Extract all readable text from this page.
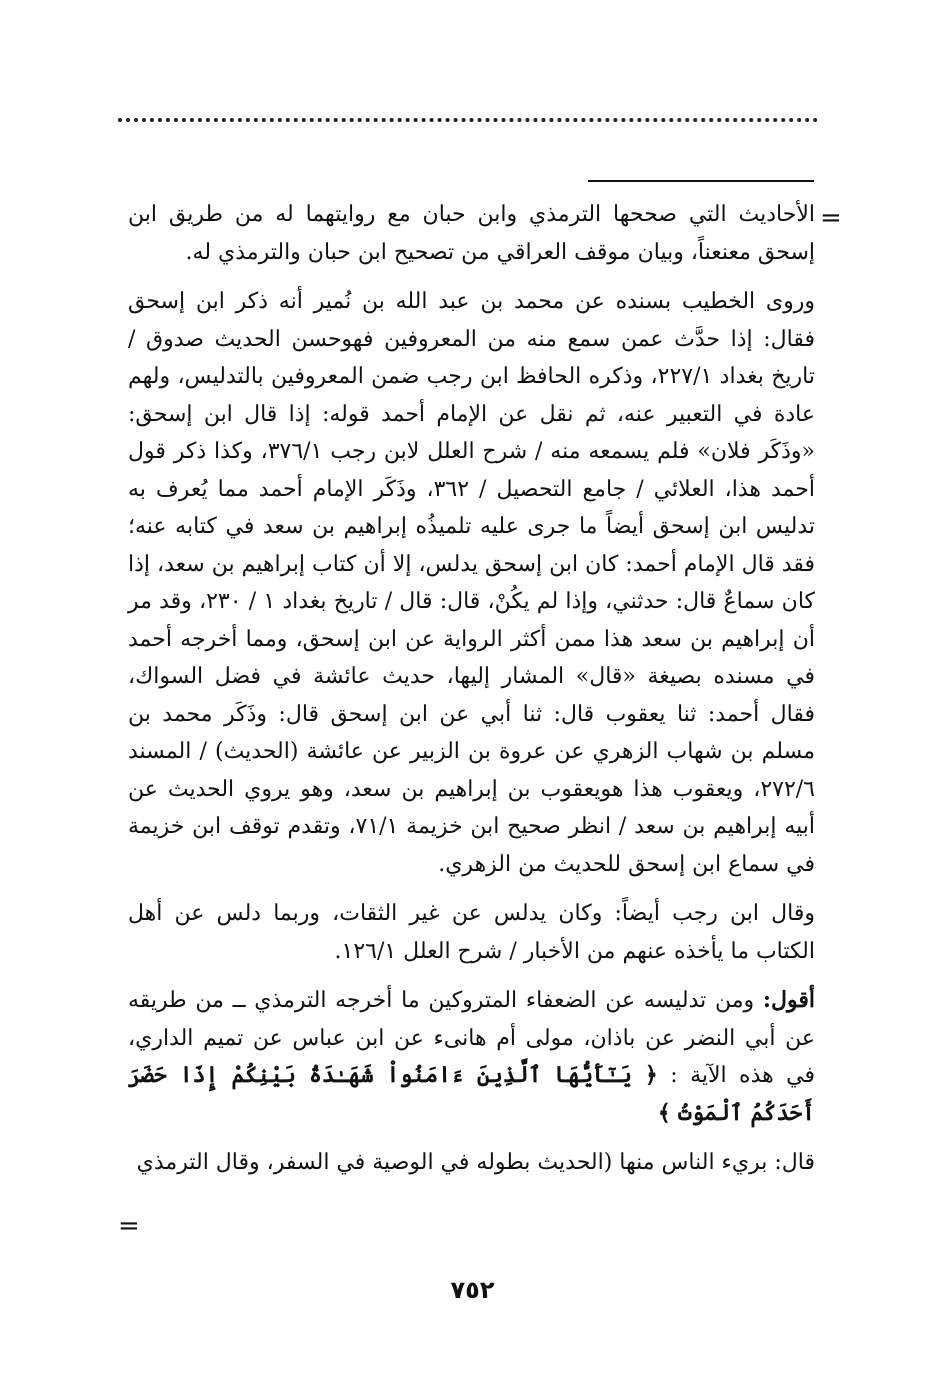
=

الأحاديث التي صححها الترمذي وابن حبان مع روايتهما له من طريق ابن إسحق معنعناً، وبيان موقف العراقي من تصحيح ابن حبان والترمذي له.

وروى الخطيب بسنده عن محمد بن عبد الله بن نُمير أنه ذكر ابن إسحق فقال: إذا حدَّث عمن سمع منه من المعروفين فهوحسن الحديث صدوق / تاريخ بغداد ٢٢٧/١، وذكره الحافظ ابن رجب ضمن المعروفين بالتدليس، ولهم عادة في التعبير عنه، ثم نقل عن الإمام أحمد قوله: إذا قال ابن إسحق: «وذَكَر فلان» فلم يسمعه منه / شرح العلل لابن رجب ٣٧٦/١، وكذا ذكر قول أحمد هذا، العلائي / جامع التحصيل / ٣٦٢، وذَكَر الإمام أحمد مما يُعرف به تدليس ابن إسحق أيضاً ما جرى عليه تلميذُه إبراهيم بن سعد في كتابه عنه؛ فقد قال الإمام أحمد: كان ابن إسحق يدلس، إلا أن كتاب إبراهيم بن سعد، إذا كان سماعٌ قال: حدثني، وإذا لم يكُنْ، قال: قال / تاريخ بغداد ١ / ٢٣٠، وقد مر أن إبراهيم بن سعد هذا ممن أكثر الرواية عن ابن إسحق، ومما أخرجه أحمد في مسنده بصيغة «قال» المشار إليها، حديث عائشة في فضل السواك، فقال أحمد: ثنا يعقوب قال: ثنا أبي عن ابن إسحق قال: وذَكَر محمد بن مسلم بن شهاب الزهري عن عروة بن الزبير عن عائشة (الحديث) / المسند ٢٧٢/٦، ويعقوب هذا هويعقوب بن إبراهيم بن سعد، وهو يروي الحديث عن أبيه إبراهيم بن سعد / انظر صحيح ابن خزيمة ٧١/١، وتقدم توقف ابن خزيمة في سماع ابن إسحق للحديث من الزهري.

وقال ابن رجب أيضاً: وكان يدلس عن غير الثقات، وربما دلس عن أهل الكتاب ما يأخذه عنهم من الأخبار / شرح العلل ١٢٦/١.

أقول: ومن تدليسه عن الضعفاء المتروكين ما أخرجه الترمذي ــ من طريقه عن أبي النضر عن باذان، مولى أم هانىء عن ابن عباس عن تميم الداري، في هذه الآية : ﴿ يَـٰٓأَيُّهَا ٱلَّذِينَ ءَامَنُواْ شَهَـٰدَةُ بَيْنِكُمْ إِذَا حَضَرَ أَحَدَكُمُ ٱلْمَوْتُ ﴾

قال: بريء الناس منها (الحديث بطوله في الوصية في السفر، وقال الترمذي

=
٧٥٢
